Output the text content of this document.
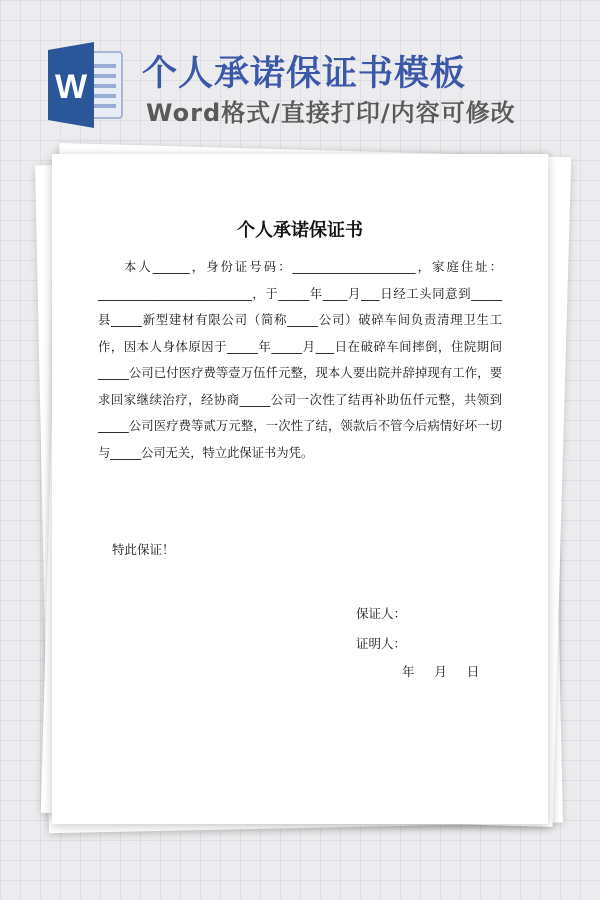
W 个人承诺保证书模板
Word格式/直接打印/内容可修改
个人承诺保证书
本人______，身份证号码：____________________，家庭住址：_________________________，于_____年____月___日经工头同意到_____县_____新型建材有限公司（简称_____公司）破碎车间负责清理卫生工作，因本人身体原因于_____年_____月___日在破碎车间摔倒，住院期间_____公司已付医疗费等壹万伍仟元整，现本人要出院并辞掉现有工作，要求回家继续治疗，经协商_____公司一次性了结再补助伍仟元整，共领到_____公司医疗费等贰万元整，一次性了结，领款后不管今后病情好坏一切与_____公司无关，特立此保证书为凭。
特此保证！
保证人：
证明人：
年     月     日
